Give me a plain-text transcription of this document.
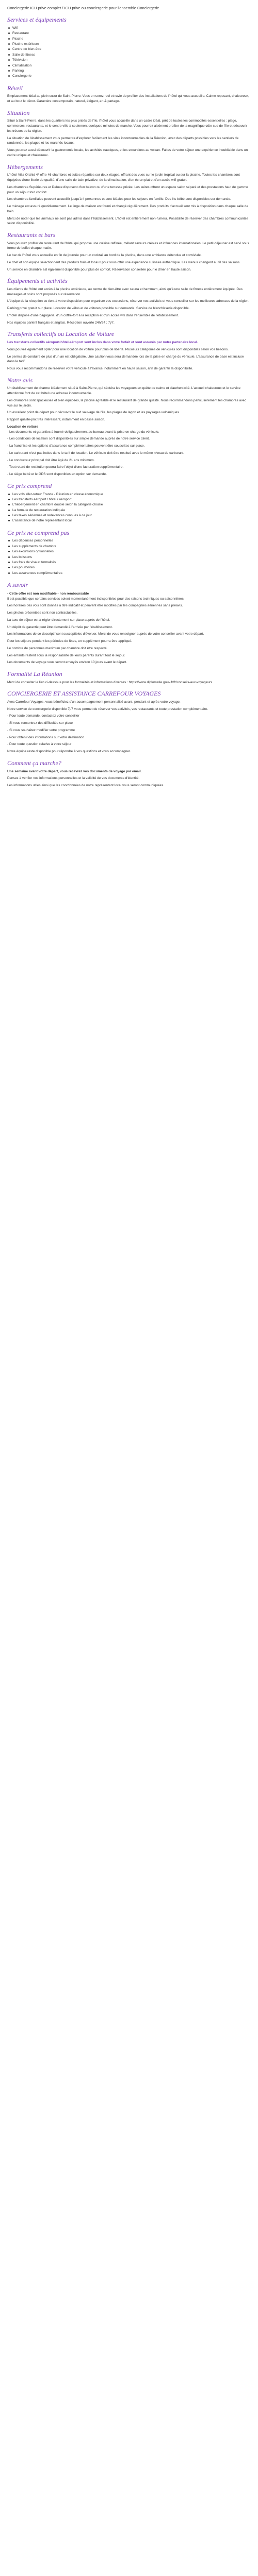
Conciergerie ICU prive complet / ICU prive ou conciergerie pour l'ensemble Conciergerie

Services et équipements
Wifi
Restaurant
Piscine
Piscine extérieure
Centre de bien-être
Salle de fitness
Télévision
Climatisation
Parking
Conciergerie
Réveil

Emplacement idéal au plein cœur de Saint-Pierre. Vous en serez ravi et ravie de profiter des installations de l'hôtel qui vous accueille. Calme reposant, chaleureux, et au bout le décor. Caractère contemporain, naturel, élégant, art & partage.

Situation

Situé à Saint-Pierre, dans les quartiers les plus prisés de l'île, l'hôtel vous accueille dans un cadre idéal, prêt de toutes les commodités essentielles : plage, commerces, restaurants, et le centre ville à seulement quelques minutes de marche. Vous pourrez aisément profiter de la magnifique côte sud de l'île et découvrir les trésors de la région.

La situation de l'établissement vous permettra d'explorer facilement les sites incontournables de la Réunion, avec des départs possibles vers les sentiers de randonnée, les plages et les marchés locaux.

Vous pourrez aussi découvrir la gastronomie locale, les activités nautiques, et les excursions au volcan. Faites de votre séjour une expérience inoubliable dans un cadre unique et chaleureux.

Hébergements

L'hôtel Villa Orchid 4* offre 46 chambres et suites réparties sur deux étages, offrant des vues sur le jardin tropical ou sur la piscine. Toutes les chambres sont équipées d'une literie de qualité, d'une salle de bain privative, de la climatisation, d'un écran plat et d'un accès wifi gratuit.

Les chambres Supérieures et Deluxe disposent d'un balcon ou d'une terrasse privée. Les suites offrent un espace salon séparé et des prestations haut de gamme pour un séjour tout confort.

Les chambres familiales peuvent accueillir jusqu'à 4 personnes et sont idéales pour les séjours en famille. Des lits bébé sont disponibles sur demande.

Le ménage est assuré quotidiennement. Le linge de maison est fourni et changé régulièrement. Des produits d'accueil sont mis à disposition dans chaque salle de bain.

Merci de noter que les animaux ne sont pas admis dans l'établissement. L'hôtel est entièrement non-fumeur. Possibilité de réserver des chambres communicantes selon disponibilité.

Restaurants et bars

Vous pourrez profiter du restaurant de l'hôtel qui propose une cuisine raffinée, mêlant saveurs créoles et influences internationales. Le petit-déjeuner est servi sous forme de buffet chaque matin.

Le bar de l'hôtel vous accueille en fin de journée pour un cocktail au bord de la piscine, dans une ambiance détendue et conviviale.

Le chef et son équipe sélectionnent des produits frais et locaux pour vous offrir une expérience culinaire authentique. Les menus changent au fil des saisons.

Un service en chambre est également disponible pour plus de confort. Réservation conseillée pour le dîner en haute saison.

Équipements et activités

Les clients de l'hôtel ont accès à la piscine extérieure, au centre de bien-être avec sauna et hammam, ainsi qu'à une salle de fitness entièrement équipée. Des massages et soins sont proposés sur réservation.

L'équipe de la réception se tient à votre disposition pour organiser vos excursions, réserver vos activités et vous conseiller sur les meilleures adresses de la région.

Parking privé gratuit sur place. Location de vélos et de voitures possible sur demande. Service de blanchisserie disponible.

L'hôtel dispose d'une bagagerie, d'un coffre-fort à la réception et d'un accès wifi dans l'ensemble de l'établissement.

Nos équipes parlent français et anglais. Réception ouverte 24h/24 ; 7j/7.

Transferts collectifs ou Location de Voiture

Les transferts collectifs aéroport-hôtel-aéroport sont inclus dans votre forfait et sont assurés par notre partenaire local.

Vous pouvez également opter pour une location de voiture pour plus de liberté. Plusieurs catégories de véhicules sont disponibles selon vos besoins.

Le permis de conduire de plus d'un an est obligatoire. Une caution vous sera demandée lors de la prise en charge du véhicule. L'assurance de base est incluse dans le tarif.

Nous vous recommandons de réserver votre véhicule à l'avance, notamment en haute saison, afin de garantir la disponibilité.

Notre avis

Un établissement de charme idéalement situé à Saint-Pierre, qui séduira les voyageurs en quête de calme et d'authenticité. L'accueil chaleureux et le service attentionné font de cet hôtel une adresse incontournable.

Les chambres sont spacieuses et bien équipées, la piscine agréable et le restaurant de grande qualité. Nous recommandons particulièrement les chambres avec vue sur le jardin.

Un excellent point de départ pour découvrir le sud sauvage de l'île, les plages de lagon et les paysages volcaniques.

Rapport qualité-prix très intéressant, notamment en basse saison.

Location de voiture

- Les documents et garanties à fournir obligatoirement au bureau avant la prise en charge du véhicule.

- Les conditions de location sont disponibles sur simple demande auprès de notre service client.

- La franchise et les options d'assurance complémentaires peuvent être souscrites sur place.

- Le carburant n'est pas inclus dans le tarif de location. Le véhicule doit être restitué avec le même niveau de carburant.

- Le conducteur principal doit être âgé de 21 ans minimum.

- Tout retard de restitution pourra faire l'objet d'une facturation supplémentaire.

- Le siège bébé et le GPS sont disponibles en option sur demande.

Ce prix comprend
Les vols aller-retour France - Réunion en classe économique
Les transferts aéroport / hôtel / aéroport
L'hébergement en chambre double selon la catégorie choisie
La formule de restauration indiquée
Les taxes aériennes et redevances connues à ce jour
L'assistance de notre représentant local
Ce prix ne comprend pas
Les dépenses personnelles
Les suppléments de chambre
Les excursions optionnelles
Les boissons
Les frais de visa et formalités
Les pourboires
Les assurances complémentaires
A savoir

- Cette offre est non modifiable - non remboursable

Il est possible que certains services soient momentanément indisponibles pour des raisons techniques ou saisonnières.

Les horaires des vols sont donnés à titre indicatif et peuvent être modifiés par les compagnies aériennes sans préavis.

Les photos présentées sont non contractuelles.

La taxe de séjour est à régler directement sur place auprès de l'hôtel.

Un dépôt de garantie peut être demandé à l'arrivée par l'établissement.

Les informations de ce descriptif sont susceptibles d'évoluer. Merci de vous renseigner auprès de votre conseiller avant votre départ.

Pour les séjours pendant les périodes de fêtes, un supplément pourra être appliqué.

Le nombre de personnes maximum par chambre doit être respecté.

Les enfants restent sous la responsabilité de leurs parents durant tout le séjour.

Les documents de voyage vous seront envoyés environ 10 jours avant le départ.

Formalité La Réunion

Merci de consulter le lien ci-dessous pour les formalités et informations diverses : https://www.diplomatie.gouv.fr/fr/conseils-aux-voyageurs

CONCIERGERIE ET ASSISTANCE CARREFOUR VOYAGES

Avec Carrefour Voyages, vous bénéficiez d'un accompagnement personnalisé avant, pendant et après votre voyage.

Notre service de conciergerie disponible 7j/7 vous permet de réserver vos activités, vos restaurants et toute prestation complémentaire.

- Pour toute demande, contactez votre conseiller

- Si vous rencontrez des difficultés sur place

- Si vous souhaitez modifier votre programme

- Pour obtenir des informations sur votre destination

- Pour toute question relative à votre séjour

Notre équipe reste disponible pour répondre à vos questions et vous accompagner.

Comment ça marche?

Une semaine avant votre départ, vous recevrez vos documents de voyage par email.

Pensez à vérifier vos informations personnelles et la validité de vos documents d'identité.

Les informations utiles ainsi que les coordonnées de notre représentant local vous seront communiquées.
